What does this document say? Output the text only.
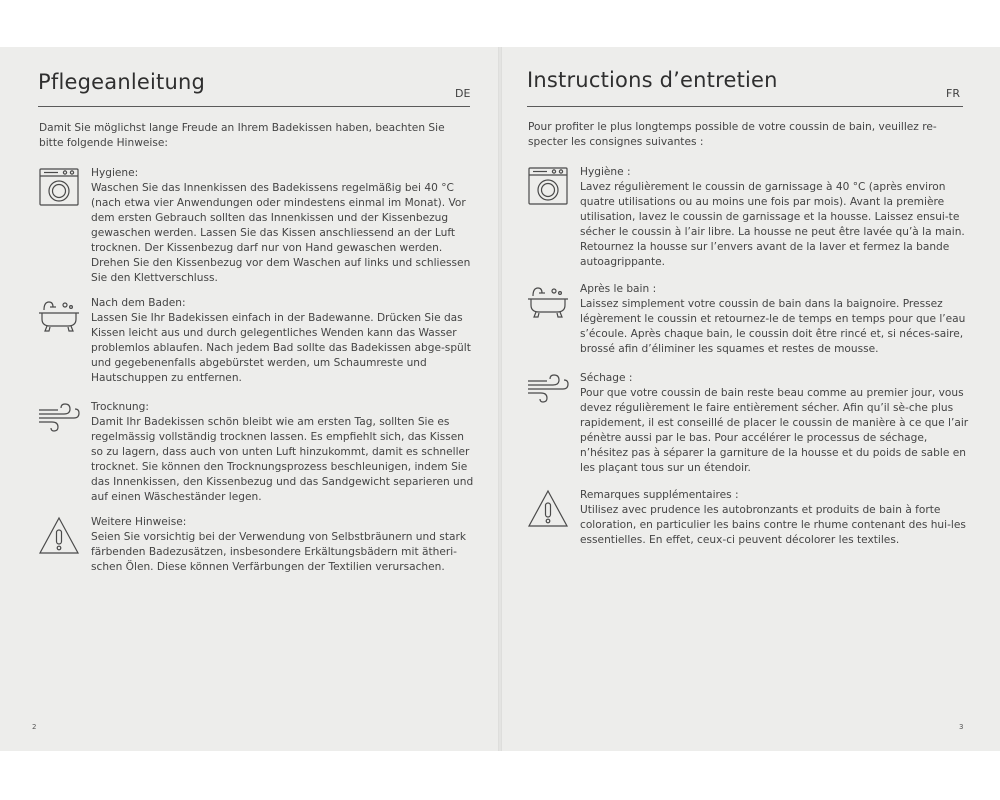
Pflegeanleitung	DE
Damit Sie möglichst lange Freude an Ihrem Badekissen haben, beachten Sie bitte folgende Hinweise:
Hygiene:
Waschen Sie das Innenkissen des Badekissens regelmäßig bei 40 °C (nach etwa vier Anwendungen oder mindestens einmal im Monat). Vor dem ersten Gebrauch sollten das Innenkissen und der Kissenbezug gewaschen werden. Lassen Sie das Kissen anschliessend an der Luft trocknen. Der Kissenbezug darf nur von Hand gewaschen werden. Drehen Sie den Kissenbezug vor dem Waschen auf links und schliessen Sie den Klettverschluss.
Nach dem Baden:
Lassen Sie Ihr Badekissen einfach in der Badewanne. Drücken Sie das Kissen leicht aus und durch gelegentliches Wenden kann das Wasser problemlos ablaufen. Nach jedem Bad sollte das Badekissen abge-spült und gegebenenfalls abgebürstet werden, um Schaumreste und Hautschuppen zu entfernen.
Trocknung:
Damit Ihr Badekissen schön bleibt wie am ersten Tag, sollten Sie es regelmässig vollständig trocknen lassen. Es empfiehlt sich, das Kissen so zu lagern, dass auch von unten Luft hinzukommt, damit es schneller trocknet. Sie können den Trocknungsprozess beschleunigen, indem Sie das Innenkissen, den Kissenbezug und das Sandgewicht separieren und auf einen Wäscheständer legen.
Weitere Hinweise:
Seien Sie vorsichtig bei der Verwendung von Selbstbräunern und stark färbenden Badezusätzen, insbesondere Erkältungsbädern mit ätheri-schen Ölen. Diese können Verfärbungen der Textilien verursachen.
2
Instructions d’entretien
FR
Pour profiter le plus longtemps possible de votre coussin de bain, veuillez re-specter les consignes suivantes :
Hygiène :
Lavez régulièrement le coussin de garnissage à 40 °C (après environ quatre utilisations ou au moins une fois par mois). Avant la première utilisation, lavez le coussin de garnissage et la housse. Laissez ensui-te sécher le coussin à l’air libre. La housse ne peut être lavée qu’à la main. Retournez la housse sur l’envers avant de la laver et fermez la bande autoagrippante.
Après le bain :
Laissez simplement votre coussin de bain dans la baignoire. Pressez légèrement le coussin et retournez-le de temps en temps pour que l’eau s’écoule. Après chaque bain, le coussin doit être rincé et, si néces-saire, brossé afin d’éliminer les squames et restes de mousse.
Séchage :
Pour que votre coussin de bain reste beau comme au premier jour, vous devez régulièrement le faire entièrement sécher. Afin qu’il sè-che plus rapidement, il est conseillé de placer le coussin de manière à ce que l’air pénètre aussi par le bas. Pour accélérer le processus de séchage, n’hésitez pas à séparer la garniture de la housse et du poids de sable en les plaçant tous sur un étendoir.
Remarques supplémentaires :
Utilisez avec prudence les autobronzants et produits de bain à forte coloration, en particulier les bains contre le rhume contenant des hui-les essentielles. En effet, ceux-ci peuvent décolorer les textiles.
3
